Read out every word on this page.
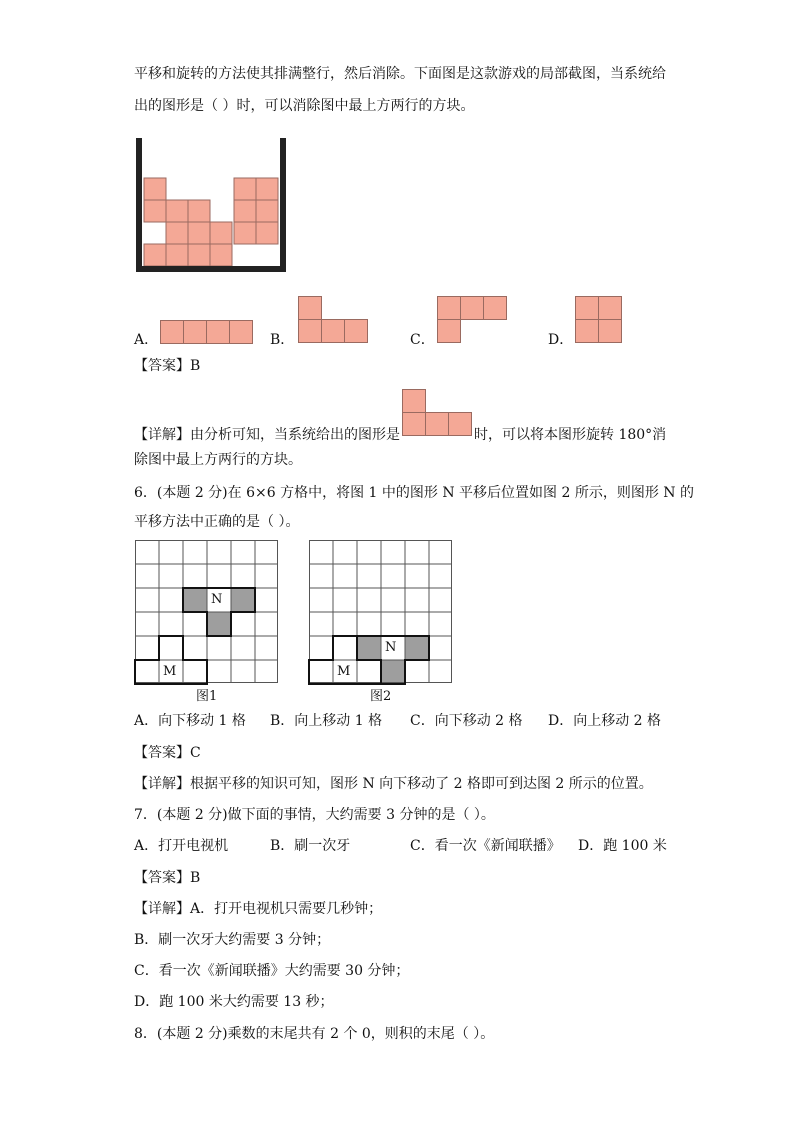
平移和旋转的方法使其排满整行，然后消除。下面图是这款游戏的局部截图，当系统给
出的图形是（ ）时，可以消除图中最上方两行的方块。
A．	B．	C．	D．
【答案】B
【详解】由分析可知，当系统给出的图形是	时，可以将本图形旋转 180°消
除图中最上方两行的方块。
6．(本题 2 分)在 6×6 方格中，将图 1 中的图形 N 平移后位置如图 2 所示，则图形 N 的
平移方法中正确的是（ ）。
N
M
图1
N
M
图2
A．向下移动 1 格 B．向上移动 1 格 C．向下移动 2 格 D．向上移动 2 格
【答案】C
【详解】根据平移的知识可知，图形 N 向下移动了 2 格即可到达图 2 所示的位置。
7．(本题 2 分)做下面的事情，大约需要 3 分钟的是（ ）。
A．打开电视机	B．刷一次牙	C．看一次《新闻联播》 D．跑 100 米
【答案】B
【详解】A．打开电视机只需要几秒钟；
B．刷一次牙大约需要 3 分钟；
C．看一次《新闻联播》大约需要 30 分钟；
D．跑 100 米大约需要 13 秒；
8．(本题 2 分)乘数的末尾共有 2 个 0，则积的末尾（ ）。
